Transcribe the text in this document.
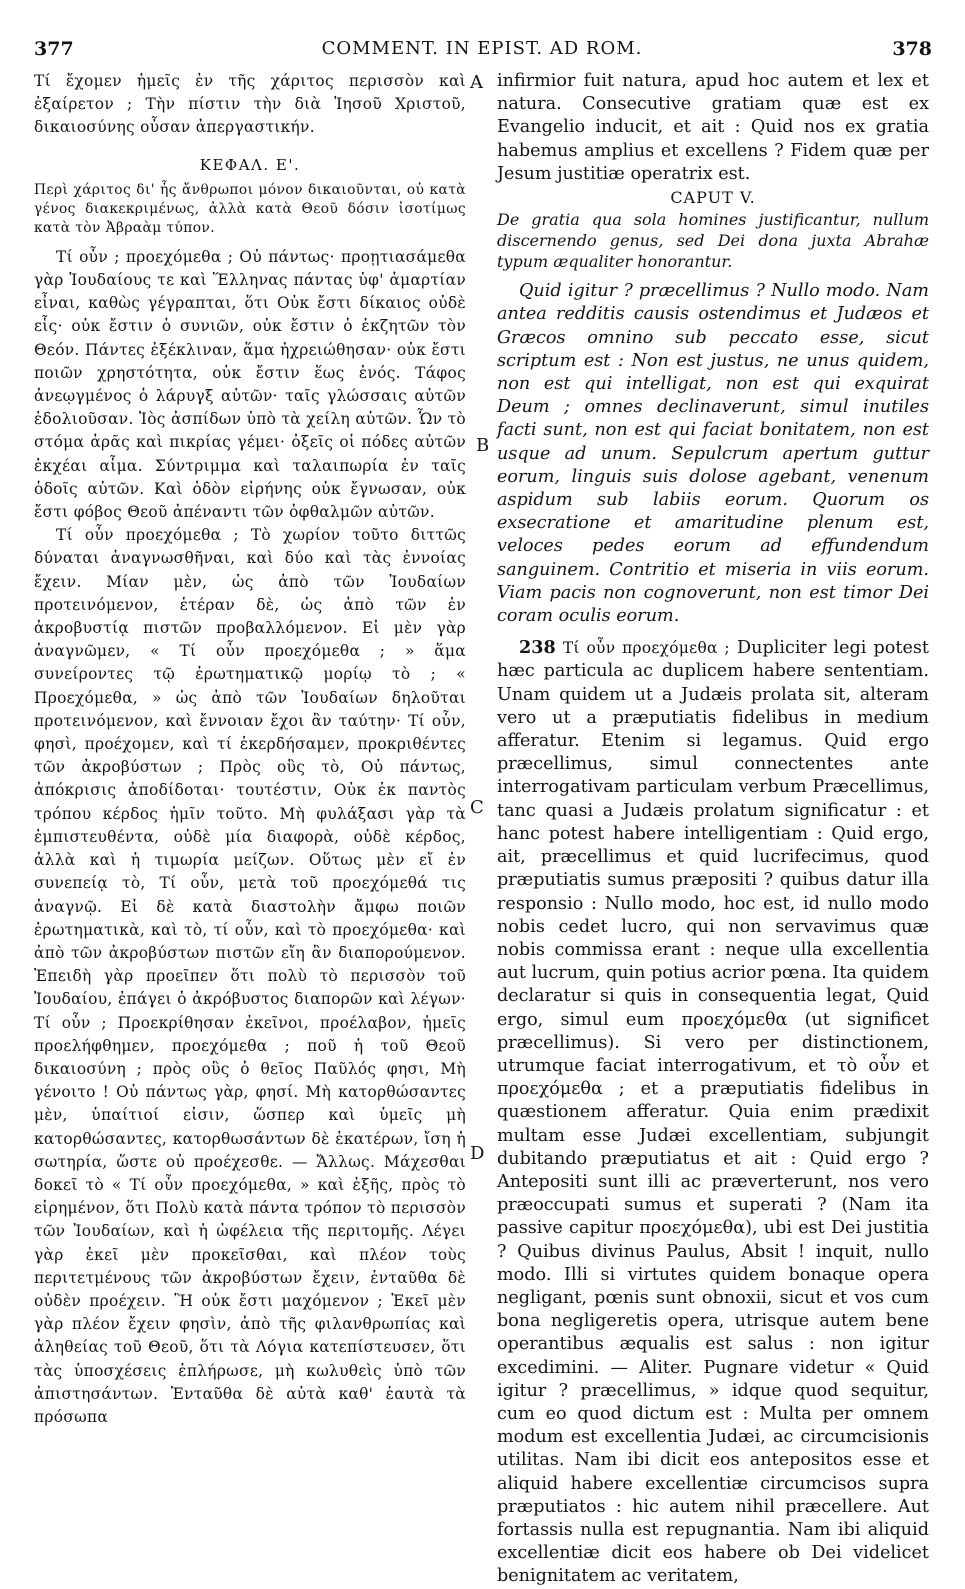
377	COMMENT. IN EPIST. AD ROM.	378
A
B
C
D

Τί ἔχομεν ἡμεῖς ἐν τῆς χάριτος περισσὸν καὶ ἐξαίρετον ; Τὴν πίστιν τὴν διὰ Ἰησοῦ Χριστοῦ, δικαιοσύνης οὖσαν ἀπεργαστικήν.

ΚΕΦΑΛ. Ε'.

Περὶ χάριτος δι' ἧς ἄνθρωποι μόνον δικαιοῦνται, οὐ κατὰ γένος διακεκριμένως, ἀλλὰ κατὰ Θεοῦ δόσιν ἰσοτίμως κατὰ τὸν Ἀβραὰμ τύπον.

Τί οὖν ; προεχόμεθα ; Οὐ πάντως· προῃτιασάμεθα γὰρ Ἰουδαίους τε καὶ Ἕλληνας πάντας ὑφ' ἁμαρτίαν εἶναι, καθὼς γέγραπται, ὅτι Οὐκ ἔστι δίκαιος οὐδὲ εἷς· οὐκ ἔστιν ὁ συνιῶν, οὐκ ἔστιν ὁ ἐκζητῶν τὸν Θεόν. Πάντες ἐξέκλιναν, ἅμα ἠχρειώθησαν· οὐκ ἔστι ποιῶν χρηστότητα, οὐκ ἔστιν ἕως ἑνός. Τάφος ἀνεῳγμένος ὁ λάρυγξ αὐτῶν· ταῖς γλώσσαις αὐτῶν ἐδολιοῦσαν. Ἰὸς ἀσπίδων ὑπὸ τὰ χείλη αὐτῶν. Ὧν τὸ στόμα ἀρᾶς καὶ πικρίας γέμει· ὀξεῖς οἱ πόδες αὐτῶν ἐκχέαι αἷμα. Σύντριμμα καὶ ταλαιπωρία ἐν ταῖς ὁδοῖς αὐτῶν. Καὶ ὁδὸν εἰρήνης οὐκ ἔγνωσαν, οὐκ ἔστι φόβος Θεοῦ ἀπέναντι τῶν ὀφθαλμῶν αὐτῶν.

Τί οὖν προεχόμεθα ; Τὸ χωρίον τοῦτο διττῶς δύναται ἀναγνωσθῆναι, καὶ δύο καὶ τὰς ἐννοίας ἔχειν. Μίαν μὲν, ὡς ἀπὸ τῶν Ἰουδαίων προτεινόμενον, ἑτέραν δὲ, ὡς ἀπὸ τῶν ἐν ἀκροβυστίᾳ πιστῶν προβαλλόμενον. Εἰ μὲν γὰρ ἀναγνῶμεν, « Τί οὖν προεχόμεθα ; » ἅμα συνείροντες τῷ ἐρωτηματικῷ μορίῳ τὸ ; « Προεχόμεθα, » ὡς ἀπὸ τῶν Ἰουδαίων δηλοῦται προτεινόμενον, καὶ ἔννοιαν ἔχοι ἂν ταύτην· Τί οὖν, φησὶ, προέχομεν, καὶ τί ἐκερδήσαμεν, προκριθέντες τῶν ἀκροβύστων ; Πρὸς οὓς τὸ, Οὐ πάντως, ἀπόκρισις ἀποδίδοται· τουτέστιν, Οὐκ ἐκ παντὸς τρόπου κέρδος ἡμῖν τοῦτο. Μὴ φυλάξασι γὰρ τὰ ἐμπιστευθέντα, οὐδὲ μία διαφορὰ, οὐδὲ κέρδος, ἀλλὰ καὶ ἡ τιμωρία μείζων. Οὕτως μὲν εἴ ἐν συνεπείᾳ τὸ, Τί οὖν, μετὰ τοῦ προεχόμεθά τις ἀναγνῷ. Εἰ δὲ κατὰ διαστολὴν ἄμφω ποιῶν ἐρωτηματικὰ, καὶ τὸ, τί οὖν, καὶ τὸ προεχόμεθα· καὶ ἀπὸ τῶν ἀκροβύστων πιστῶν εἴη ἂν διαπορούμενον. Ἐπειδὴ γὰρ προεῖπεν ὅτι πολὺ τὸ περισσὸν τοῦ Ἰουδαίου, ἐπάγει ὁ ἀκρόβυστος διαπορῶν καὶ λέγων· Τί οὖν ; Προεκρίθησαν ἐκεῖνοι, προέλαβον, ἡμεῖς προελήφθημεν, προεχόμεθα ; ποῦ ἡ τοῦ Θεοῦ δικαιοσύνη ; πρὸς οὓς ὁ θεῖος Παῦλός φησι, Μὴ γένοιτο ! Οὐ πάντως γὰρ, φησί. Μὴ κατορθώσαντες μὲν, ὑπαίτιοί εἰσιν, ὥσπερ καὶ ὑμεῖς μὴ κατορθώσαντες, κατορθωσάντων δὲ ἑκατέρων, ἴση ἡ σωτηρία, ὥστε οὐ προέχεσθε. — Ἄλλως. Μάχεσθαι δοκεῖ τὸ « Τί οὖν προεχόμεθα, » καὶ ἑξῆς, πρὸς τὸ εἰρημένον, ὅτι Πολὺ κατὰ πάντα τρόπον τὸ περισσὸν τῶν Ἰουδαίων, καὶ ἡ ὠφέλεια τῆς περιτομῆς. Λέγει γὰρ ἐκεῖ μὲν προκεῖσθαι, καὶ πλέον τοὺς περιτετμένους τῶν ἀκροβύστων ἔχειν, ἐνταῦθα δὲ οὐδὲν προέχειν. Ἢ οὐκ ἔστι μαχόμενον ; Ἐκεῖ μὲν γὰρ πλέον ἔχειν φησὶν, ἀπὸ τῆς φιλανθρωπίας καὶ ἀληθείας τοῦ Θεοῦ, ὅτι τὰ Λόγια κατεπίστευσεν, ὅτι τὰς ὑποσχέσεις ἐπλήρωσε, μὴ κωλυθεὶς ὑπὸ τῶν ἀπιστησάντων. Ἐνταῦθα δὲ αὐτὰ καθ' ἑαυτὰ τὰ πρόσωπα

infirmior fuit natura, apud hoc autem et lex et natura. Consecutive gratiam quæ est ex Evangelio inducit, et ait : Quid nos ex gratia habemus amplius et excellens ? Fidem quæ per Jesum justitiæ operatrix est.

CAPUT V.

De gratia qua sola homines justificantur, nullum discernendo genus, sed Dei dona juxta Abrahæ typum æqualiter honorantur.

Quid igitur ? præcellimus ? Nullo modo. Nam antea redditis causis ostendimus et Judæos et Græcos omnino sub peccato esse, sicut scriptum est : Non est justus, ne unus quidem, non est qui intelligat, non est qui exquirat Deum ; omnes declinaverunt, simul inutiles facti sunt, non est qui faciat bonitatem, non est usque ad unum. Sepulcrum apertum guttur eorum, linguis suis dolose agebant, venenum aspidum sub labiis eorum. Quorum os exsecratione et amaritudine plenum est, veloces pedes eorum ad effundendum sanguinem. Contritio et miseria in viis eorum. Viam pacis non cognoverunt, non est timor Dei coram oculis eorum.

238 Τί οὖν προεχόμεθα ; Dupliciter legi potest hæc particula ac duplicem habere sententiam. Unam quidem ut a Judæis prolata sit, alteram vero ut a præputiatis fidelibus in medium afferatur. Etenim si legamus. Quid ergo præcellimus, simul connectentes ante interrogativam particulam verbum Præcellimus, tanc quasi a Judæis prolatum significatur : et hanc potest habere intelligentiam : Quid ergo, ait, præcellimus et quid lucrifecimus, quod præputiatis sumus præpositi ? quibus datur illa responsio : Nullo modo, hoc est, id nullo modo nobis cedet lucro, qui non servavimus quæ nobis commissa erant : neque ulla excellentia aut lucrum, quin potius acrior pœna. Ita quidem declaratur si quis in consequentia legat, Quid ergo, simul eum προεχόμεθα (ut significet præcellimus). Si vero per distinctionem, utrumque faciat interrogativum, et τὸ οὖν et προεχόμεθα ; et a præputiatis fidelibus in quæstionem afferatur. Quia enim prædixit multam esse Judæi excellentiam, subjungit dubitando præputiatus et ait : Quid ergo ? Antepositi sunt illi ac præverterunt, nos vero præoccupati sumus et superati ? (Nam ita passive capitur προεχόμεθα), ubi est Dei justitia ? Quibus divinus Paulus, Absit ! inquit, nullo modo. Illi si virtutes quidem bonaque opera negligant, pœnis sunt obnoxii, sicut et vos cum bona negligeretis opera, utrisque autem bene operantibus æqualis est salus : non igitur excedimini. — Aliter. Pugnare videtur « Quid igitur ? præcellimus, » idque quod sequitur, cum eo quod dictum est : Multa per omnem modum est excellentia Judæi, ac circumcisionis utilitas. Nam ibi dicit eos antepositos esse et aliquid habere excellentiæ circumcisos supra præputiatos : hic autem nihil præcellere. Aut fortassis nulla est repugnantia. Nam ibi aliquid excellentiæ dicit eos habere ob Dei videlicet benignitatem ac veritatem,
